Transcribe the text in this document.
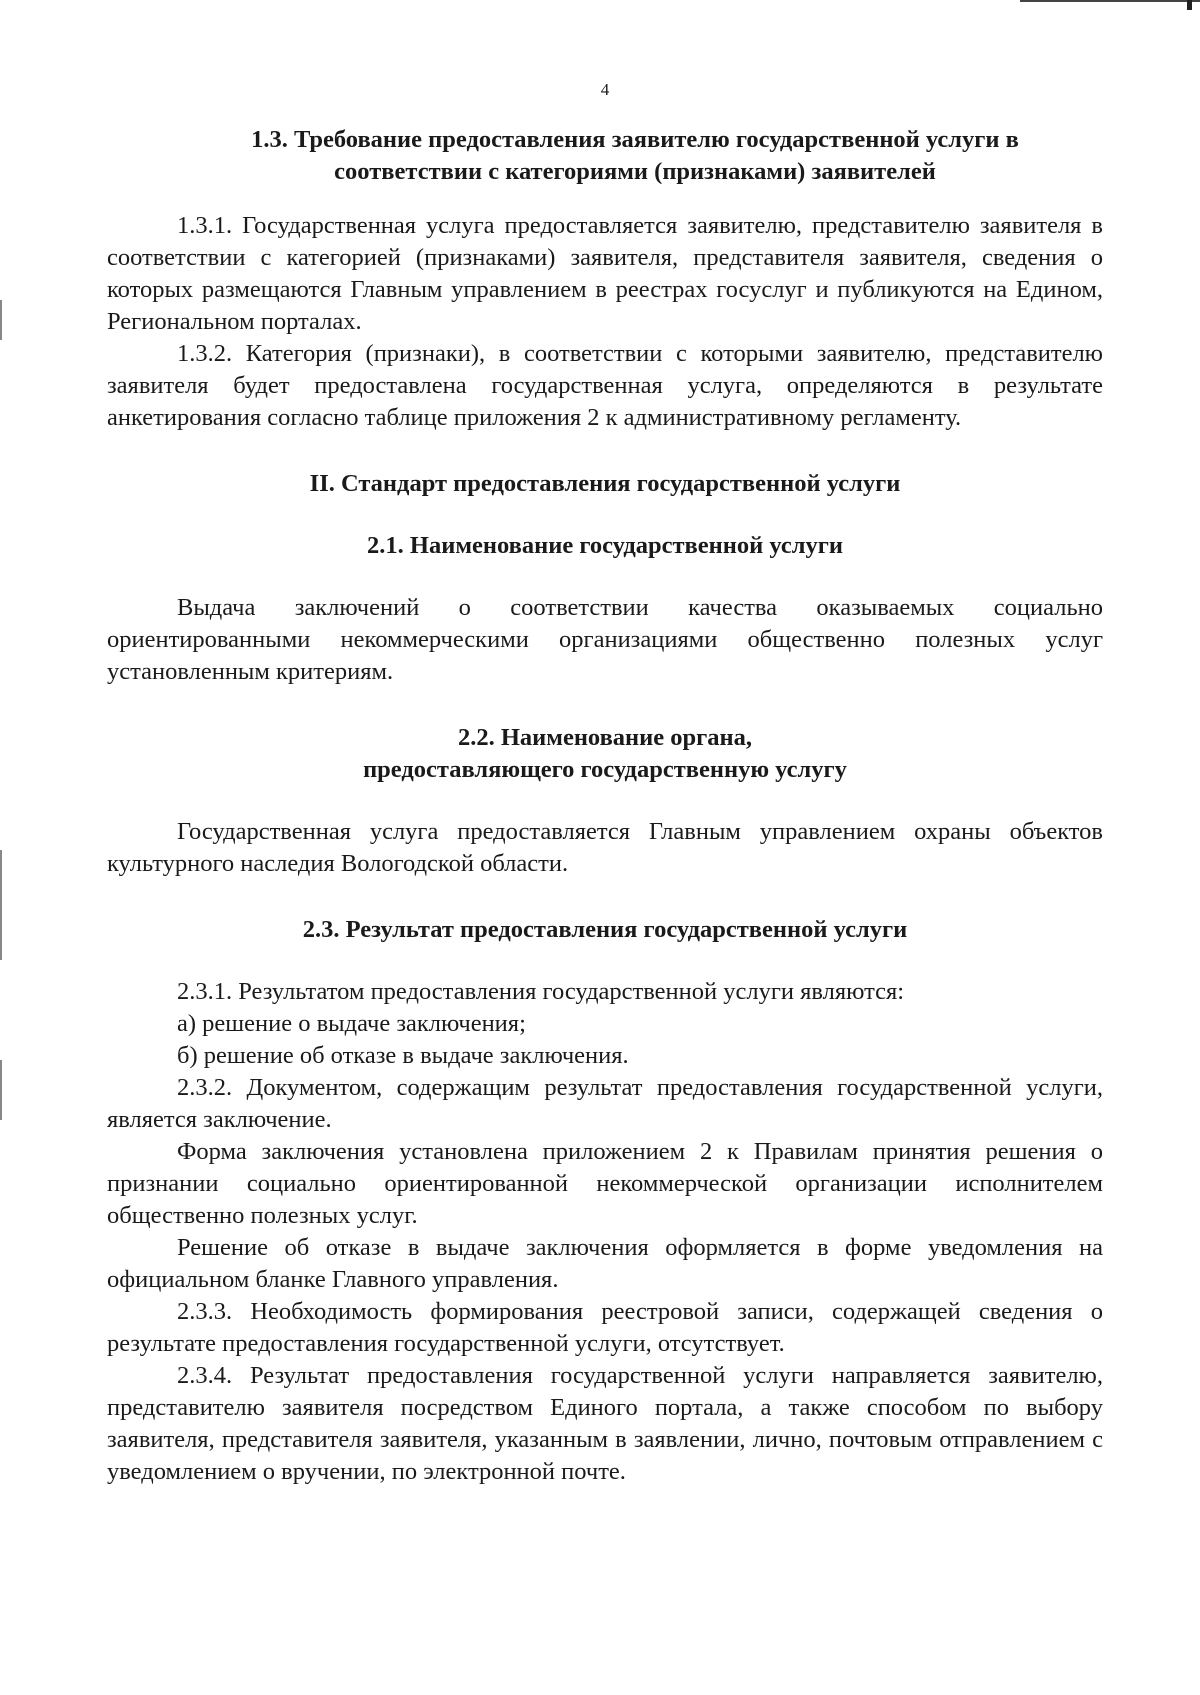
4
1.3. Требование предоставления заявителю государственной услуги в
соответствии с категориями (признаками) заявителей

1.3.1. Государственная услуга предоставляется заявителю, представителю заявителя в соответствии с категорией (признаками) заявителя, представителя заявителя, сведения о которых размещаются Главным управлением в реестрах госуслуг и публикуются на Едином, Региональном порталах.

1.3.2. Категория (признаки), в соответствии с которыми заявителю, представителю заявителя будет предоставлена государственная услуга, определяются в результате анкетирования согласно таблице приложения 2 к административному регламенту.

II. Стандарт предоставления государственной услуги
2.1. Наименование государственной услуги

Выдача заключений о соответствии качества оказываемых социально ориентированными некоммерческими организациями общественно полезных услуг установленным критериям.

2.2. Наименование органа,
предоставляющего государственную услугу

Государственная услуга предоставляется Главным управлением охраны объектов культурного наследия Вологодской области.

2.3. Результат предоставления государственной услуги

2.3.1. Результатом предоставления государственной услуги являются:

а) решение о выдаче заключения;

б) решение об отказе в выдаче заключения.

2.3.2. Документом, содержащим результат предоставления государственной услуги, является заключение.

Форма заключения установлена приложением 2 к Правилам принятия решения о признании социально ориентированной некоммерческой организации исполнителем общественно полезных услуг.

Решение об отказе в выдаче заключения оформляется в форме уведомления на официальном бланке Главного управления.

2.3.3. Необходимость формирования реестровой записи, содержащей сведения о результате предоставления государственной услуги, отсутствует.

2.3.4. Результат предоставления государственной услуги направляется заявителю, представителю заявителя посредством Единого портала, а также способом по выбору заявителя, представителя заявителя, указанным в заявлении, лично, почтовым отправлением с уведомлением о вручении, по электронной почте.
